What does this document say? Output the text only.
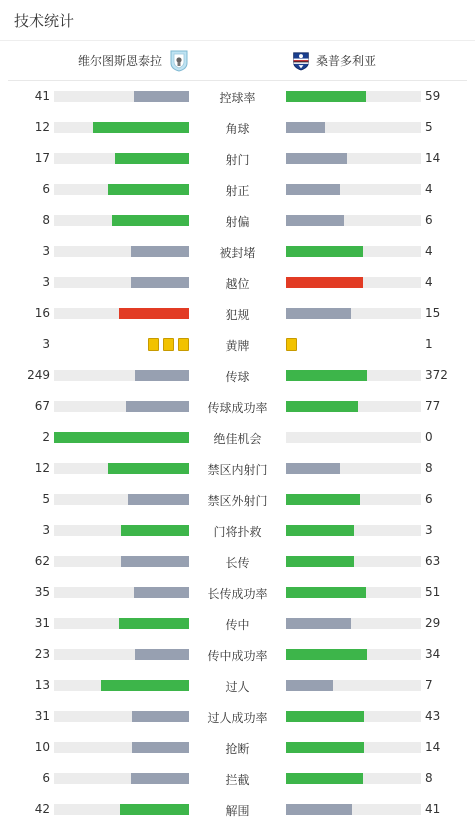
技术统计
维尔图斯恩泰拉	桑普多利亚
41	控球率	59
12	角球	5
17	射门	14
6	射正	4
8	射偏	6
3	被封堵	4
3	越位	4
16	犯规	15
3	黄牌	1
249	传球	372
67	传球成功率	77
2	绝佳机会	0
12	禁区内射门	8
5	禁区外射门	6
3	门将扑救	3
62	长传	63
35	长传成功率	51
31	传中	29
23	传中成功率	34
13	过人	7
31	过人成功率	43
10	抢断	14
6	拦截	8
42	解围	41
